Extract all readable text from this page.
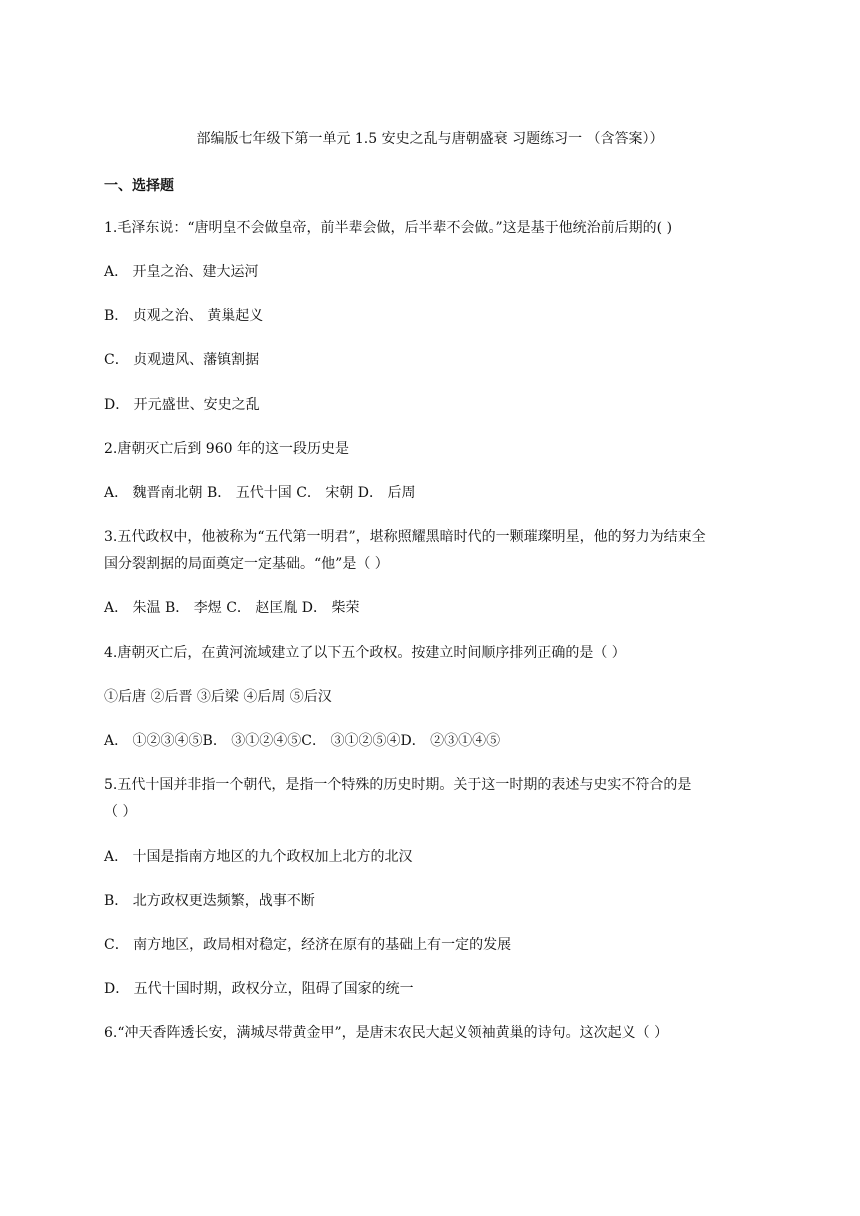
部编版七年级下第一单元 1.5 安史之乱与唐朝盛衰 习题练习一 （含答案））
一、选择题
1.毛泽东说：“唐明皇不会做皇帝，前半辈会做，后半辈不会做。”这是基于他统治前后期的( )
A． 开皇之治、建大运河
B． 贞观之治、 黄巢起义
C． 贞观遗风、藩镇割据
D． 开元盛世、安史之乱
2.唐朝灭亡后到 960 年的这一段历史是
A． 魏晋南北朝 B． 五代十国 C． 宋朝 D． 后周
3.五代政权中，他被称为“五代第一明君”，堪称照耀黑暗时代的一颗璀璨明星，他的努力为结束全
国分裂割据的局面奠定一定基础。“他”是（ ）
A． 朱温 B． 李煜 C． 赵匡胤 D． 柴荣
4.唐朝灭亡后，在黄河流域建立了以下五个政权。按建立时间顺序排列正确的是（ ）
①后唐 ②后晋 ③后梁 ④后周 ⑤后汉
A． ①②③④⑤B． ③①②④⑤C． ③①②⑤④D． ②③①④⑤
5.五代十国并非指一个朝代，是指一个特殊的历史时期。关于这一时期的表述与史实不符合的是
（ ）
A． 十国是指南方地区的九个政权加上北方的北汉
B． 北方政权更迭频繁，战事不断
C． 南方地区，政局相对稳定，经济在原有的基础上有一定的发展
D． 五代十国时期，政权分立，阻碍了国家的统一
6.“冲天香阵透长安，满城尽带黄金甲”，是唐末农民大起义领袖黄巢的诗句。这次起义（ ）
